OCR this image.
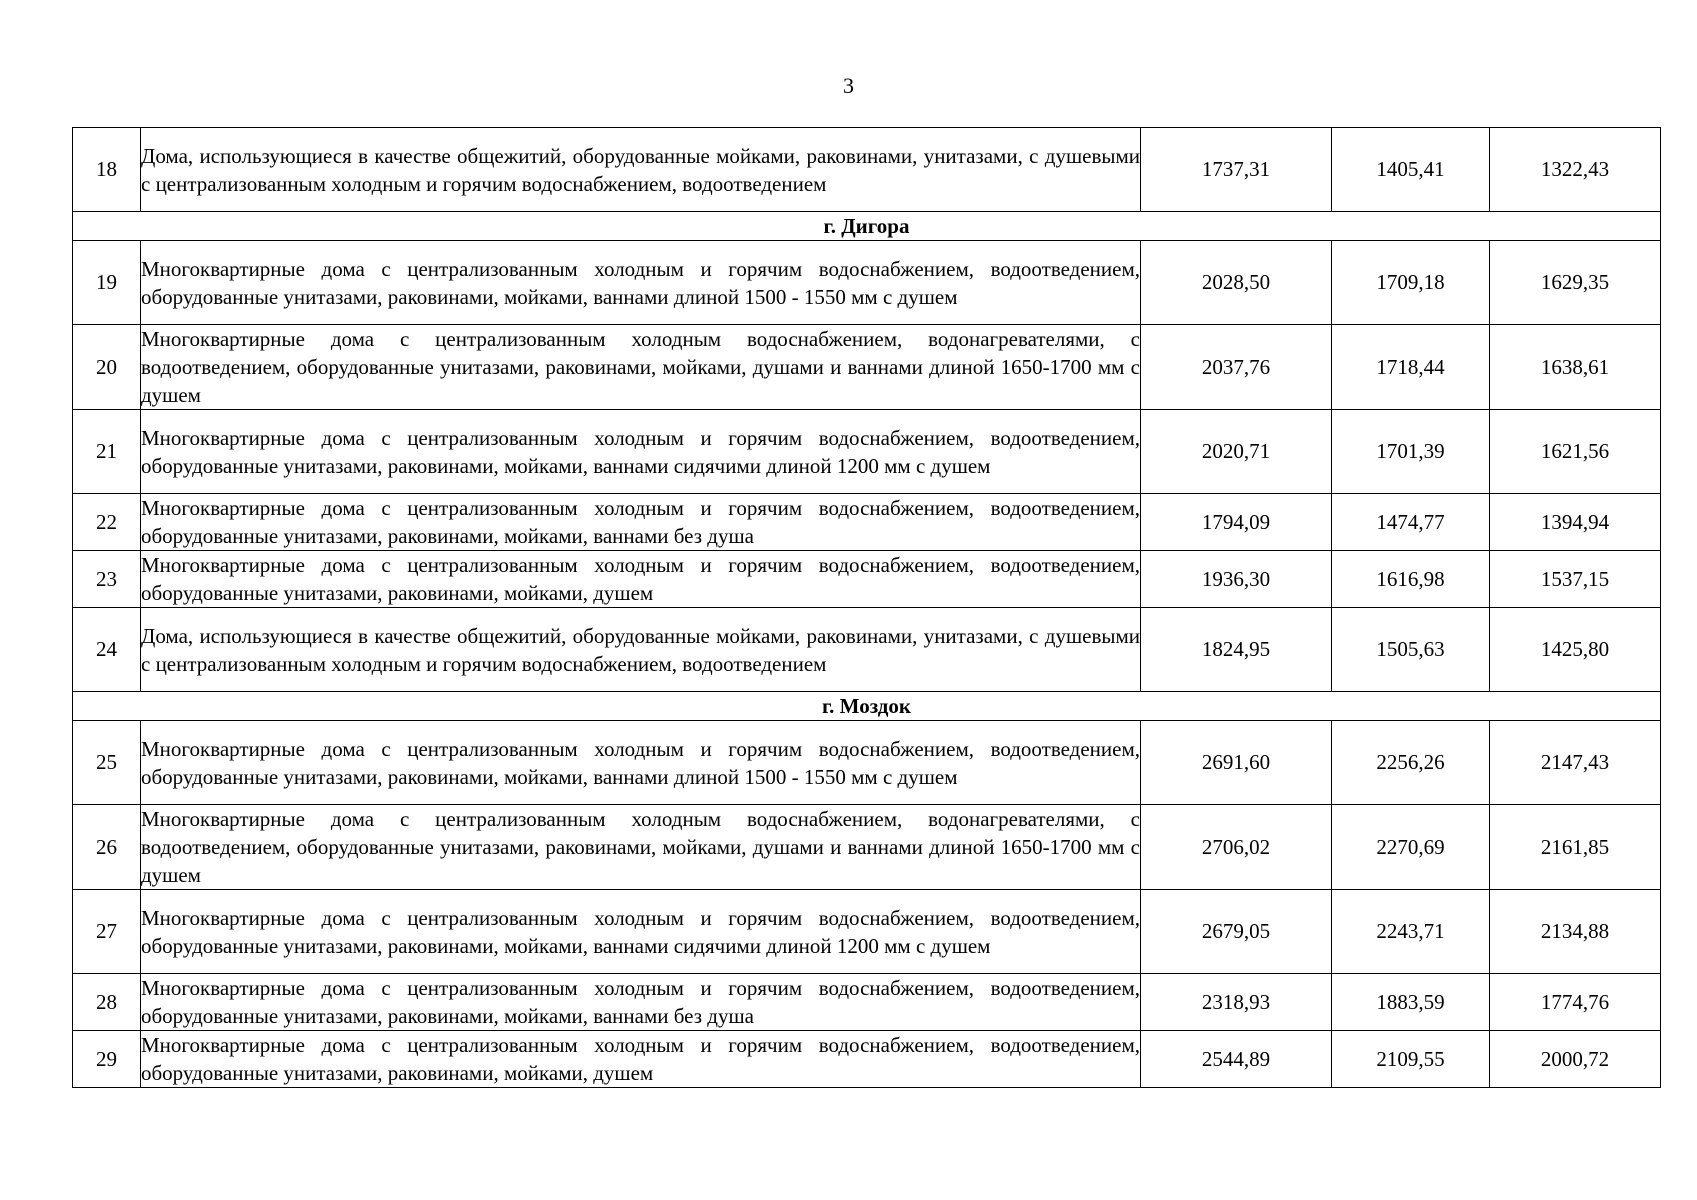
3
18	Дома, использующиеся в качестве общежитий, оборудованные мойками, раковинами, унитазами, с душевыми с централизованным холодным и горячим водоснабжением, водоотведением	1737,31	1405,41	1322,43
г. Дигора				
19	Многоквартирные дома с централизованным холодным и горячим водоснабжением, водоотведением, оборудованные унитазами, раковинами, мойками, ваннами длиной 1500 - 1550 мм с душем	2028,50	1709,18	1629,35
20	Многоквартирные дома с централизованным холодным водоснабжением, водонагревателями, с водоотведением, оборудованные унитазами, раковинами, мойками, душами и ваннами длиной 1650-1700 мм с душем	2037,76	1718,44	1638,61
21	Многоквартирные дома с централизованным холодным и горячим водоснабжением, водоотведением, оборудованные унитазами, раковинами, мойками, ваннами сидячими длиной 1200 мм с душем	2020,71	1701,39	1621,56
22	Многоквартирные дома с централизованным холодным и горячим водоснабжением, водоотведением, оборудованные унитазами, раковинами, мойками, ваннами без душа	1794,09	1474,77	1394,94
23	Многоквартирные дома с централизованным холодным и горячим водоснабжением, водоотведением, оборудованные унитазами, раковинами, мойками, душем	1936,30	1616,98	1537,15
24	Дома, использующиеся в качестве общежитий, оборудованные мойками, раковинами, унитазами, с душевыми с централизованным холодным и горячим водоснабжением, водоотведением	1824,95	1505,63	1425,80
г. Моздок				
25	Многоквартирные дома с централизованным холодным и горячим водоснабжением, водоотведением, оборудованные унитазами, раковинами, мойками, ваннами длиной 1500 - 1550 мм с душем	2691,60	2256,26	2147,43
26	Многоквартирные дома с централизованным холодным водоснабжением, водонагревателями, с водоотведением, оборудованные унитазами, раковинами, мойками, душами и ваннами длиной 1650-1700 мм с душем	2706,02	2270,69	2161,85
27	Многоквартирные дома с централизованным холодным и горячим водоснабжением, водоотведением, оборудованные унитазами, раковинами, мойками, ваннами сидячими длиной 1200 мм с душем	2679,05	2243,71	2134,88
28	Многоквартирные дома с централизованным холодным и горячим водоснабжением, водоотведением, оборудованные унитазами, раковинами, мойками, ваннами без душа	2318,93	1883,59	1774,76
29	Многоквартирные дома с централизованным холодным и горячим водоснабжением, водоотведением, оборудованные унитазами, раковинами, мойками, душем	2544,89	2109,55	2000,72
